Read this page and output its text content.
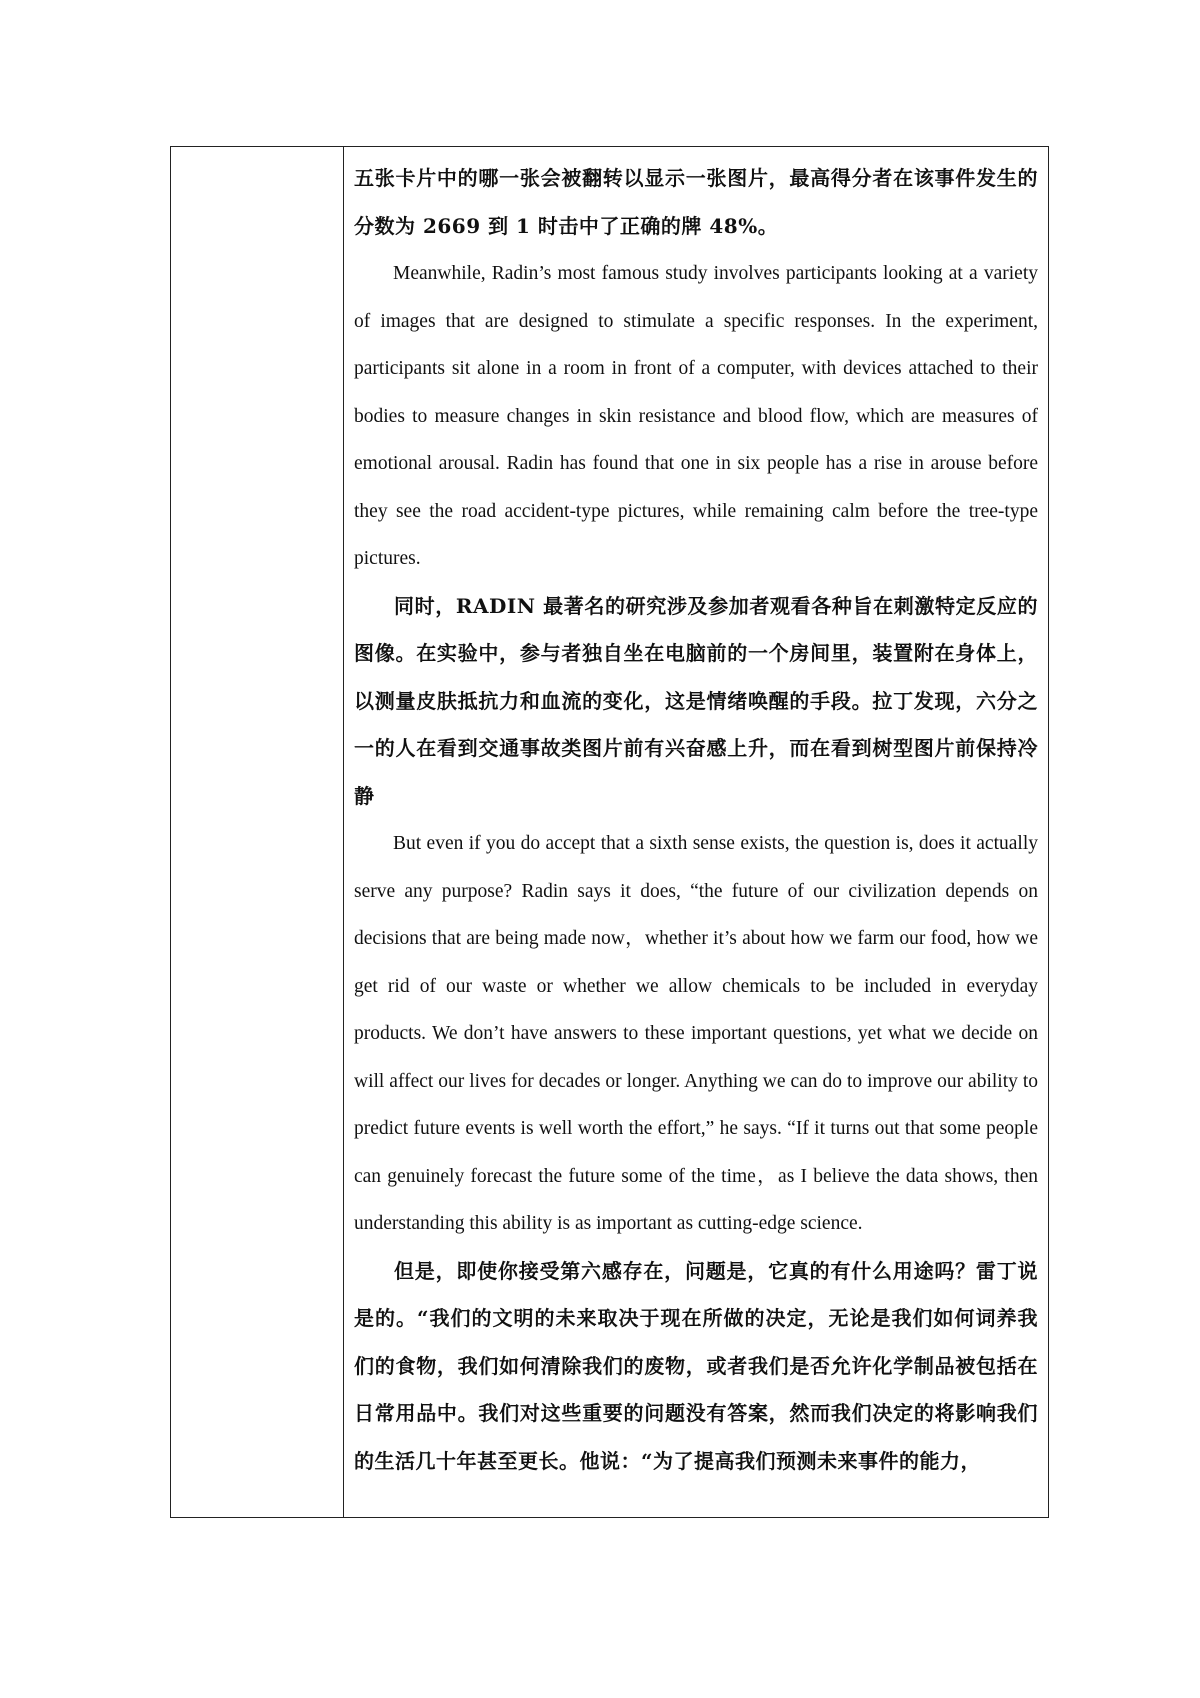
五张卡片中的哪一张会被翻转以显示一张图片，最高得分者在该事件发生的分数为 2669 到 1 时击中了正确的牌 48%。

Meanwhile, Radin’s most famous study involves participants looking at a variety of images that are designed to stimulate a specific responses. In the experiment, participants sit alone in a room in front of a computer, with devices attached to their bodies to measure changes in skin resistance and blood flow, which are measures of emotional arousal. Radin has found that one in six people has a rise in arouse before they see the road accident-type pictures, while remaining calm before the tree-type pictures.

同时，RADIN 最著名的研究涉及参加者观看各种旨在刺激特定反应的图像。在实验中，参与者独自坐在电脑前的一个房间里，装置附在身体上，以测量皮肤抵抗力和血流的变化，这是情绪唤醒的手段。拉丁发现，六分之一的人在看到交通事故类图片前有兴奋感上升，而在看到树型图片前保持冷静

But even if you do accept that a sixth sense exists, the question is, does it actually serve any purpose? Radin says it does, “the future of our civilization depends on decisions that are being made now，whether it’s about how we farm our food, how we get rid of our waste or whether we allow chemicals to be included in everyday products. We don’t have answers to these important questions, yet what we decide on will affect our lives for decades or longer. Anything we can do to improve our ability to predict future events is well worth the effort,” he says. “If it turns out that some people can genuinely forecast the future some of the time，as I believe the data shows, then understanding this ability is as important as cutting-edge science.

但是，即使你接受第六感存在，问题是，它真的有什么用途吗？雷丁说是的。“我们的文明的未来取决于现在所做的决定，无论是我们如何词养我们的食物，我们如何清除我们的废物，或者我们是否允许化学制品被包括在日常用品中。我们对这些重要的问题没有答案，然而我们决定的将影响我们的生活几十年甚至更长。他说：“为了提高我们预测未来事件的能力，
